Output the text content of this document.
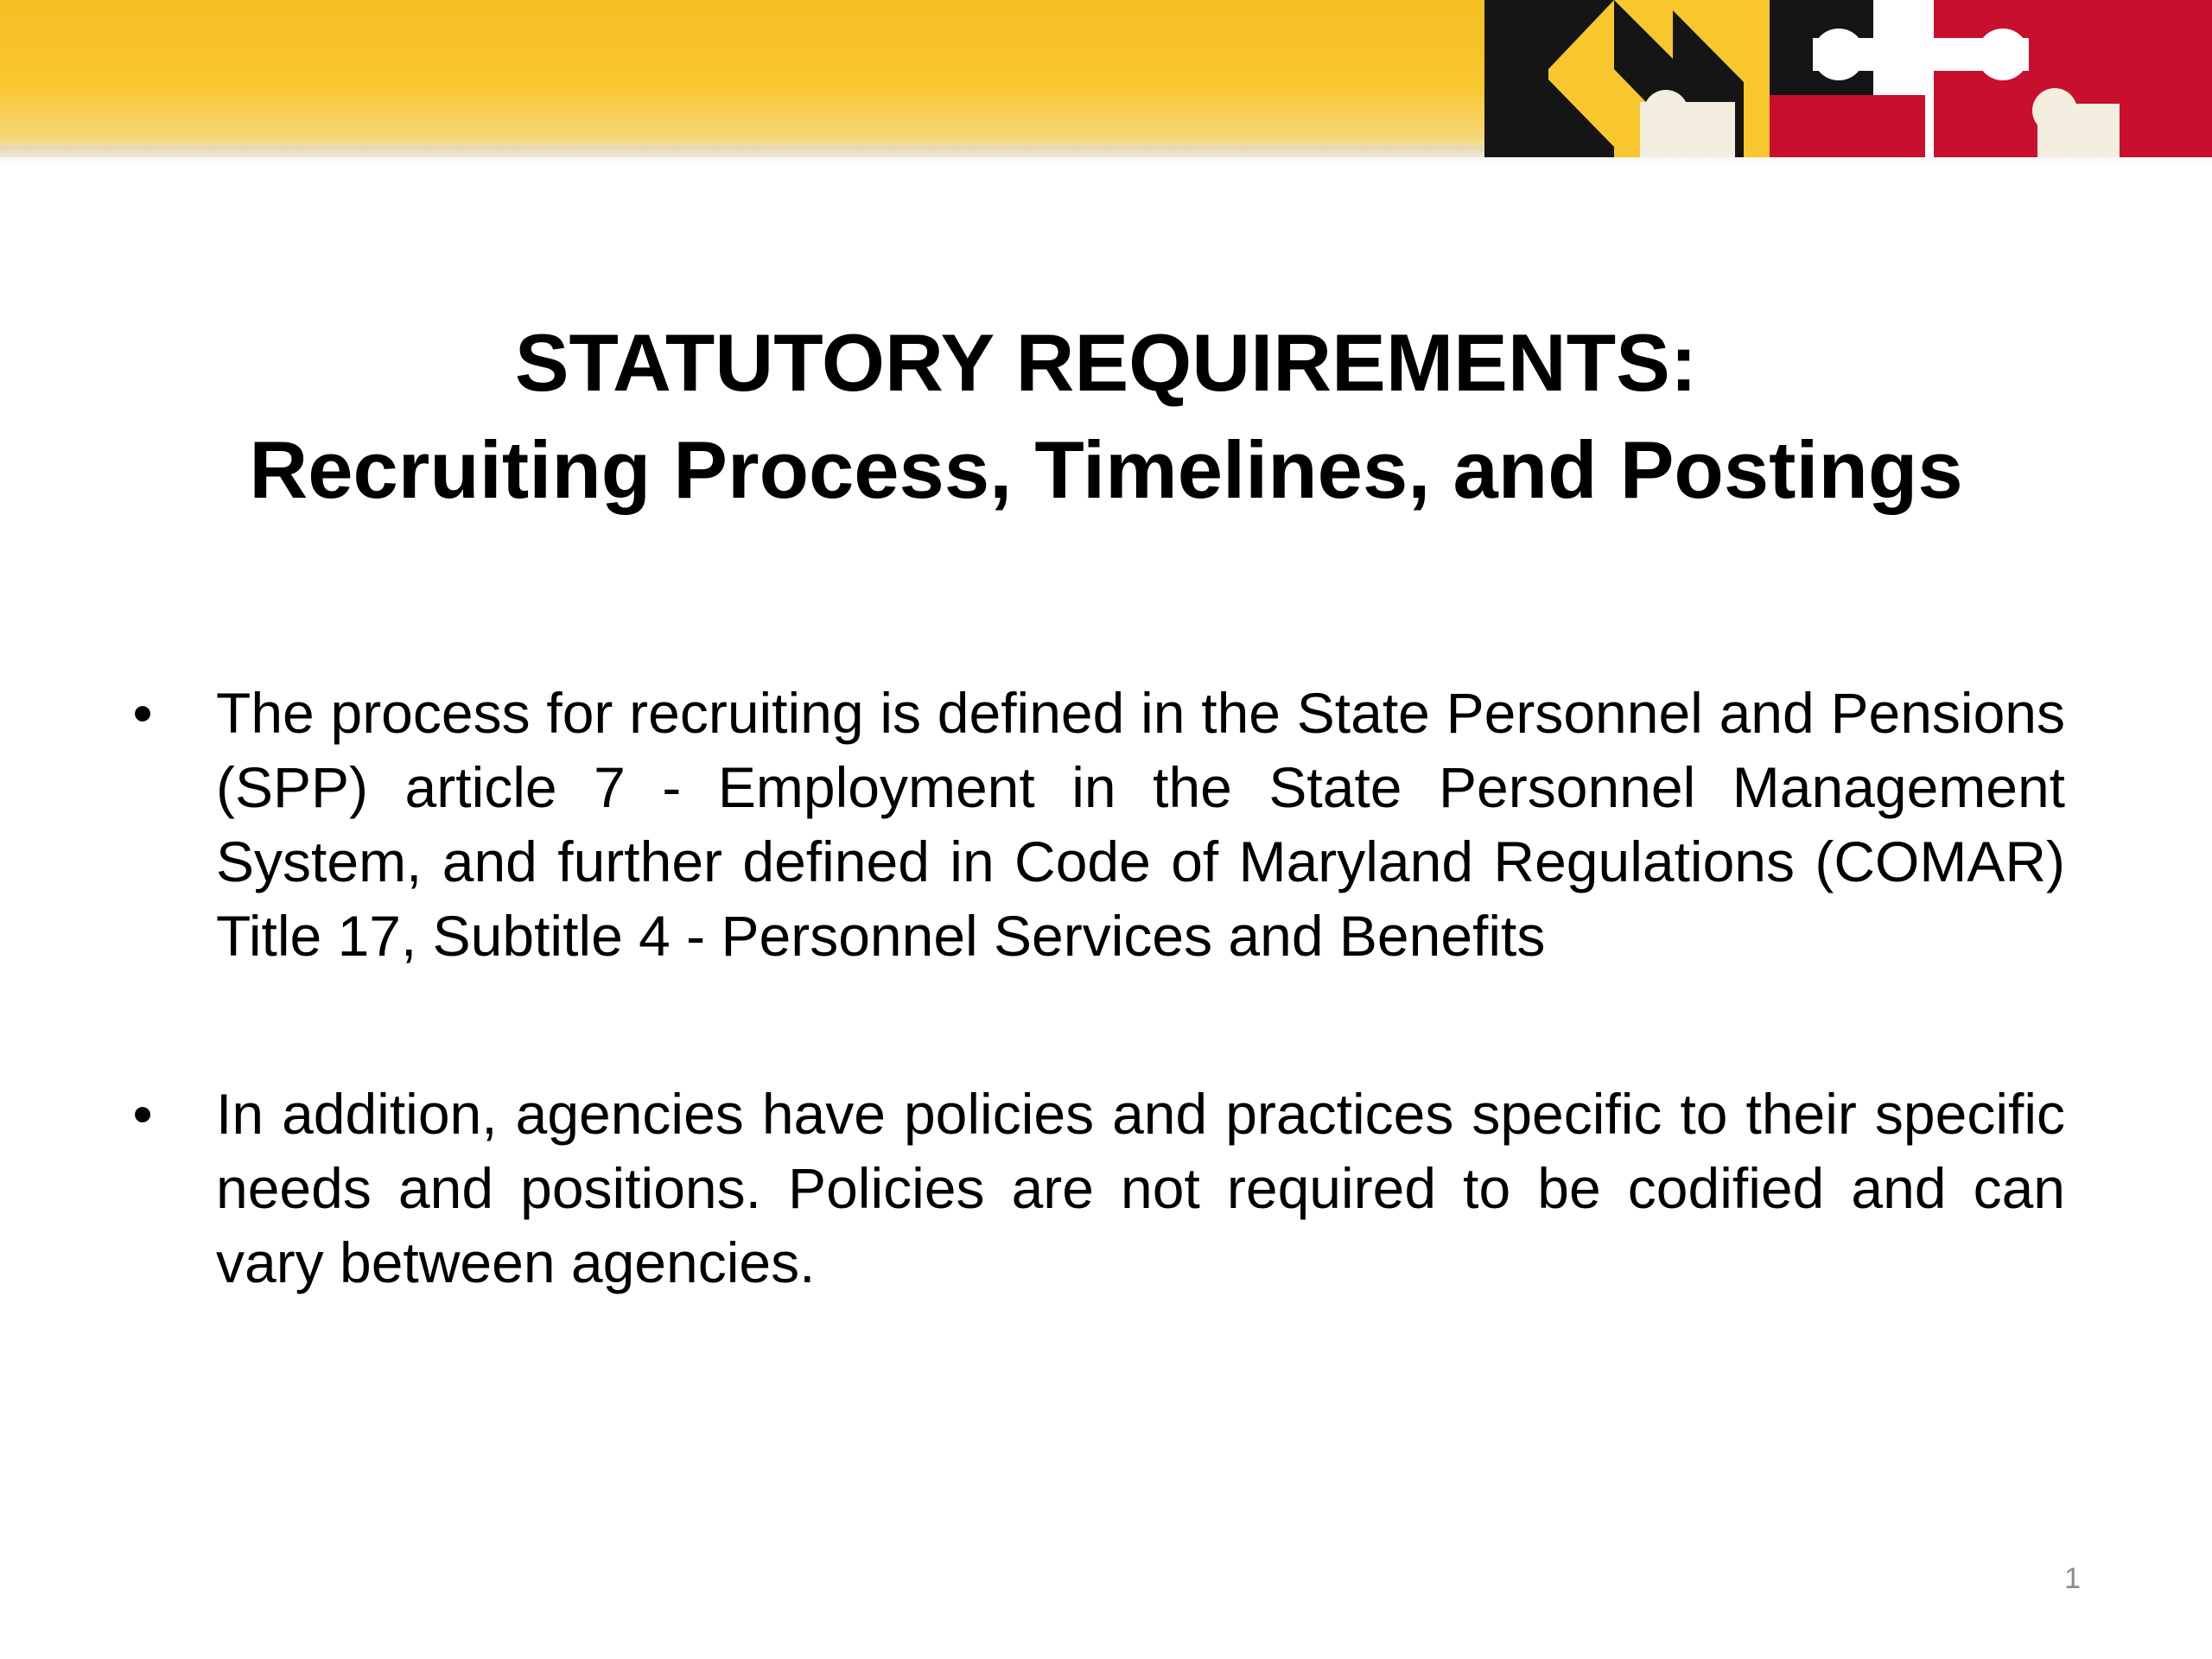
STATUTORY REQUIREMENTS:
Recruiting Process, Timelines, and Postings
• The process for recruiting is defined in the State Personnel and Pensions (SPP) article 7 - Employment in the State Personnel Management System, and further defined in Code of Maryland Regulations (COMAR) Title 17, Subtitle 4 - Personnel Services and Benefits
• In addition, agencies have policies and practices specific to their specific needs and positions. Policies are not required to be codified and can vary between agencies.
1
